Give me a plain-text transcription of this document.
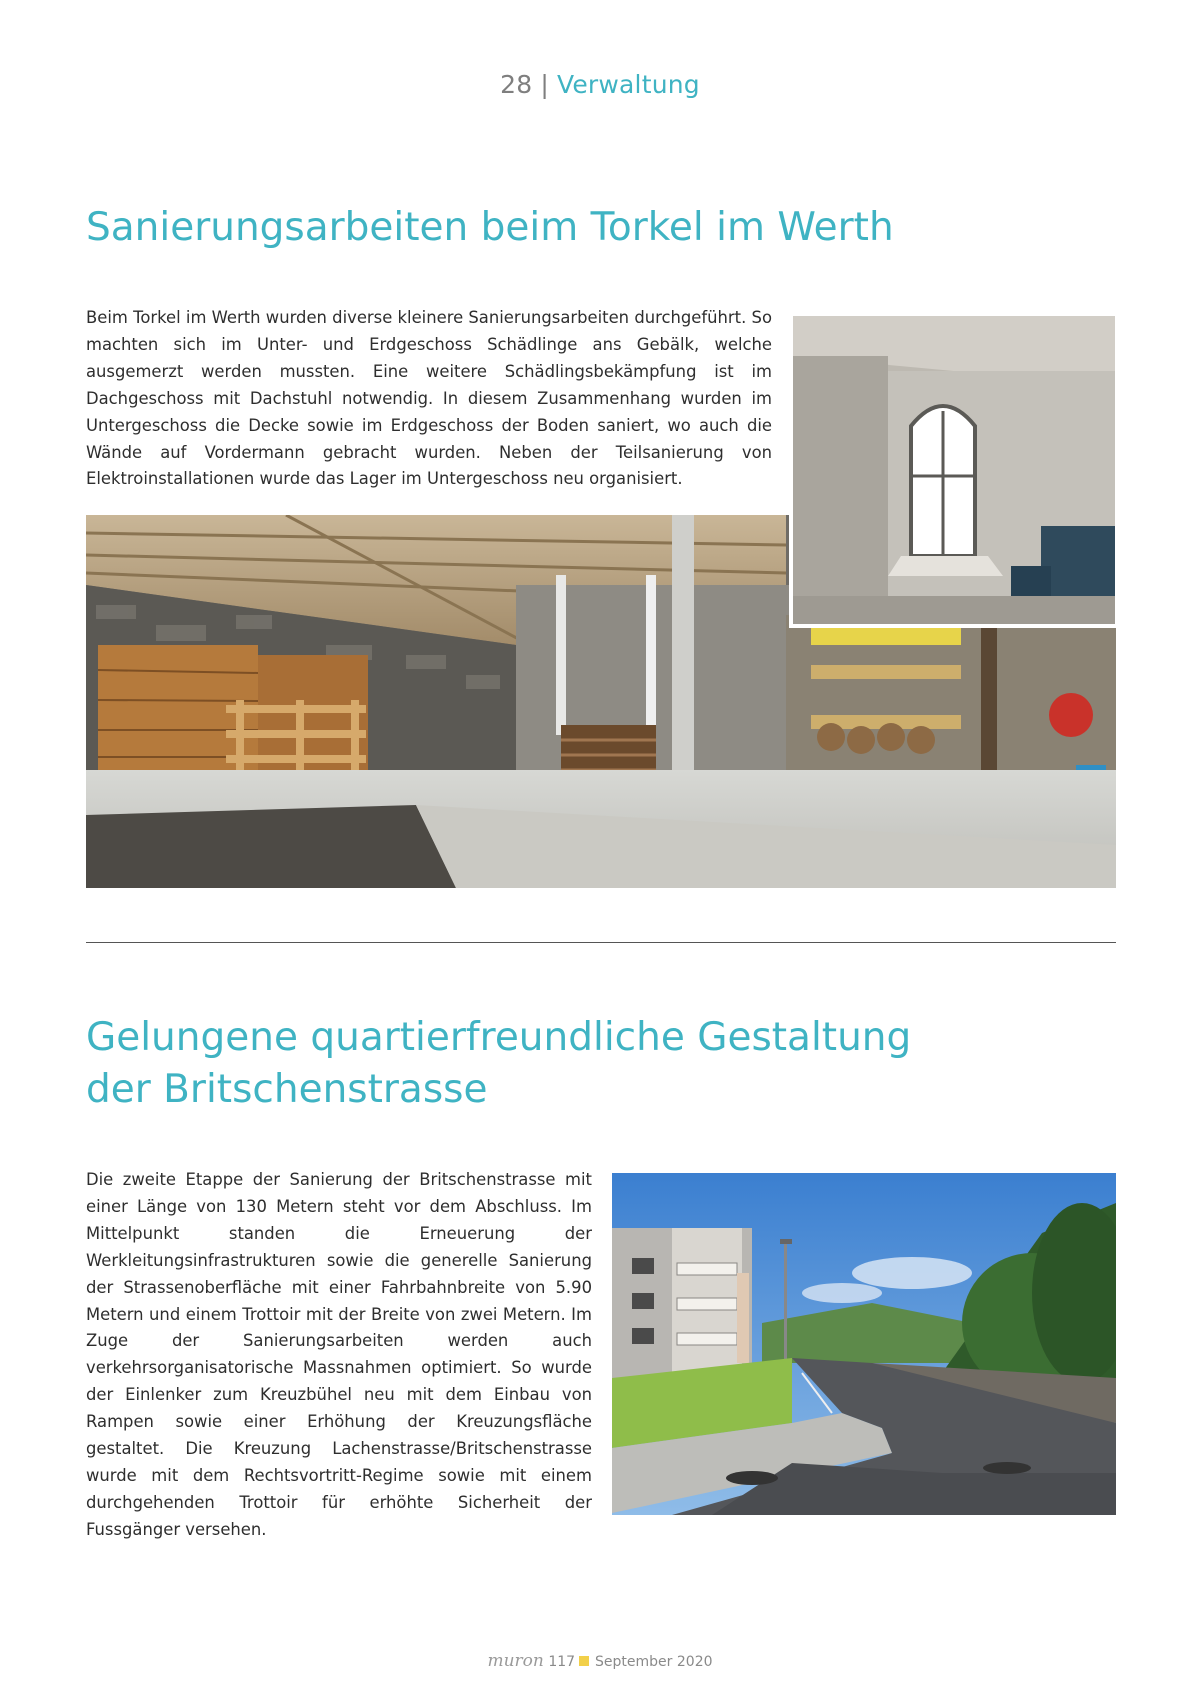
28 | Verwaltung
Sanierungsarbeiten beim Torkel im Werth

Beim Torkel im Werth wurden diverse kleinere Sanierungsarbeiten durchgeführt. So machten sich im Unter- und Erdgeschoss Schädlinge ans Gebälk, welche ausgemerzt werden mussten. Eine weitere Schädlingsbekämpfung ist im Dachgeschoss mit Dachstuhl notwendig. In diesem Zusammenhang wurden im Untergeschoss die Decke sowie im Erdgeschoss der Boden saniert, wo auch die Wände auf Vordermann gebracht wurden. Neben der Teilsanierung von Elektroinstallationen wurde das Lager im Untergeschoss neu organisiert.

Gelungene quartierfreundliche Gestaltung
der Britschenstrasse

Die zweite Etappe der Sanierung der Britschenstrasse mit einer Länge von 130 Metern steht vor dem Abschluss. Im Mittelpunkt standen die Erneuerung der Werkleitungsinfrastrukturen sowie die generelle Sanierung der Strassenoberfläche mit einer Fahrbahnbreite von 5.90 Metern und einem Trottoir mit der Breite von zwei Metern. Im Zuge der Sanierungsarbeiten werden auch verkehrsorganisatorische Massnahmen optimiert. So wurde der Einlenker zum Kreuzbühel neu mit dem Einbau von Rampen sowie einer Erhöhung der Kreuzungsfläche gestaltet. Die Kreuzung Lachenstrasse/Britschenstrasse wurde mit dem Rechtsvortritt-Regime sowie mit einem durchgehenden Trottoir für erhöhte Sicherheit der Fussgänger versehen.

muron 117 September 2020
